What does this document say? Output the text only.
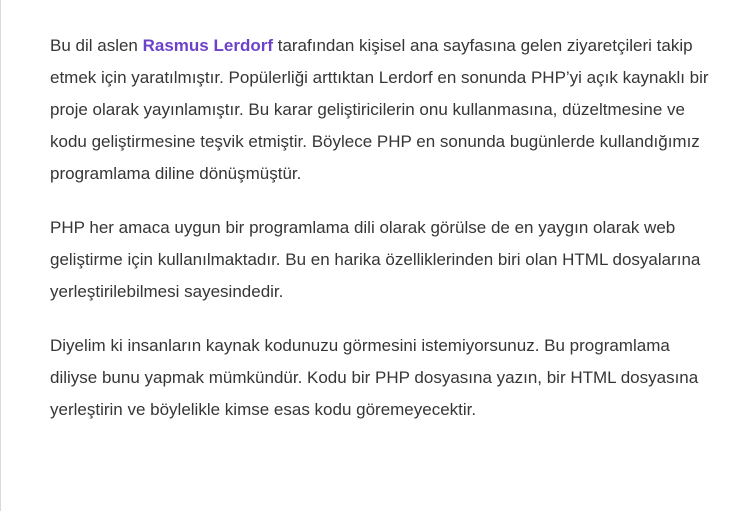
Bu dil aslen Rasmus Lerdorf tarafından kişisel ana sayfasına gelen ziyaretçileri takip etmek için yaratılmıştır. Popülerliği arttıktan Lerdorf en sonunda PHP’yi açık kaynaklı bir proje olarak yayınlamıştır. Bu karar geliştiricilerin onu kullanmasına, düzeltmesine ve kodu geliştirmesine teşvik etmiştir. Böylece PHP en sonunda bugünlerde kullandığımız programlama diline dönüşmüştür.

PHP her amaca uygun bir programlama dili olarak görülse de en yaygın olarak web geliştirme için kullanılmaktadır. Bu en harika özelliklerinden biri olan HTML dosyalarına yerleştirilebilmesi sayesindedir.

Diyelim ki insanların kaynak kodunuzu görmesini istemiyorsunuz. Bu programlama diliyse bunu yapmak mümkündür. Kodu bir PHP dosyasına yazın, bir HTML dosyasına yerleştirin ve böylelikle kimse esas kodu göremeyecektir.
